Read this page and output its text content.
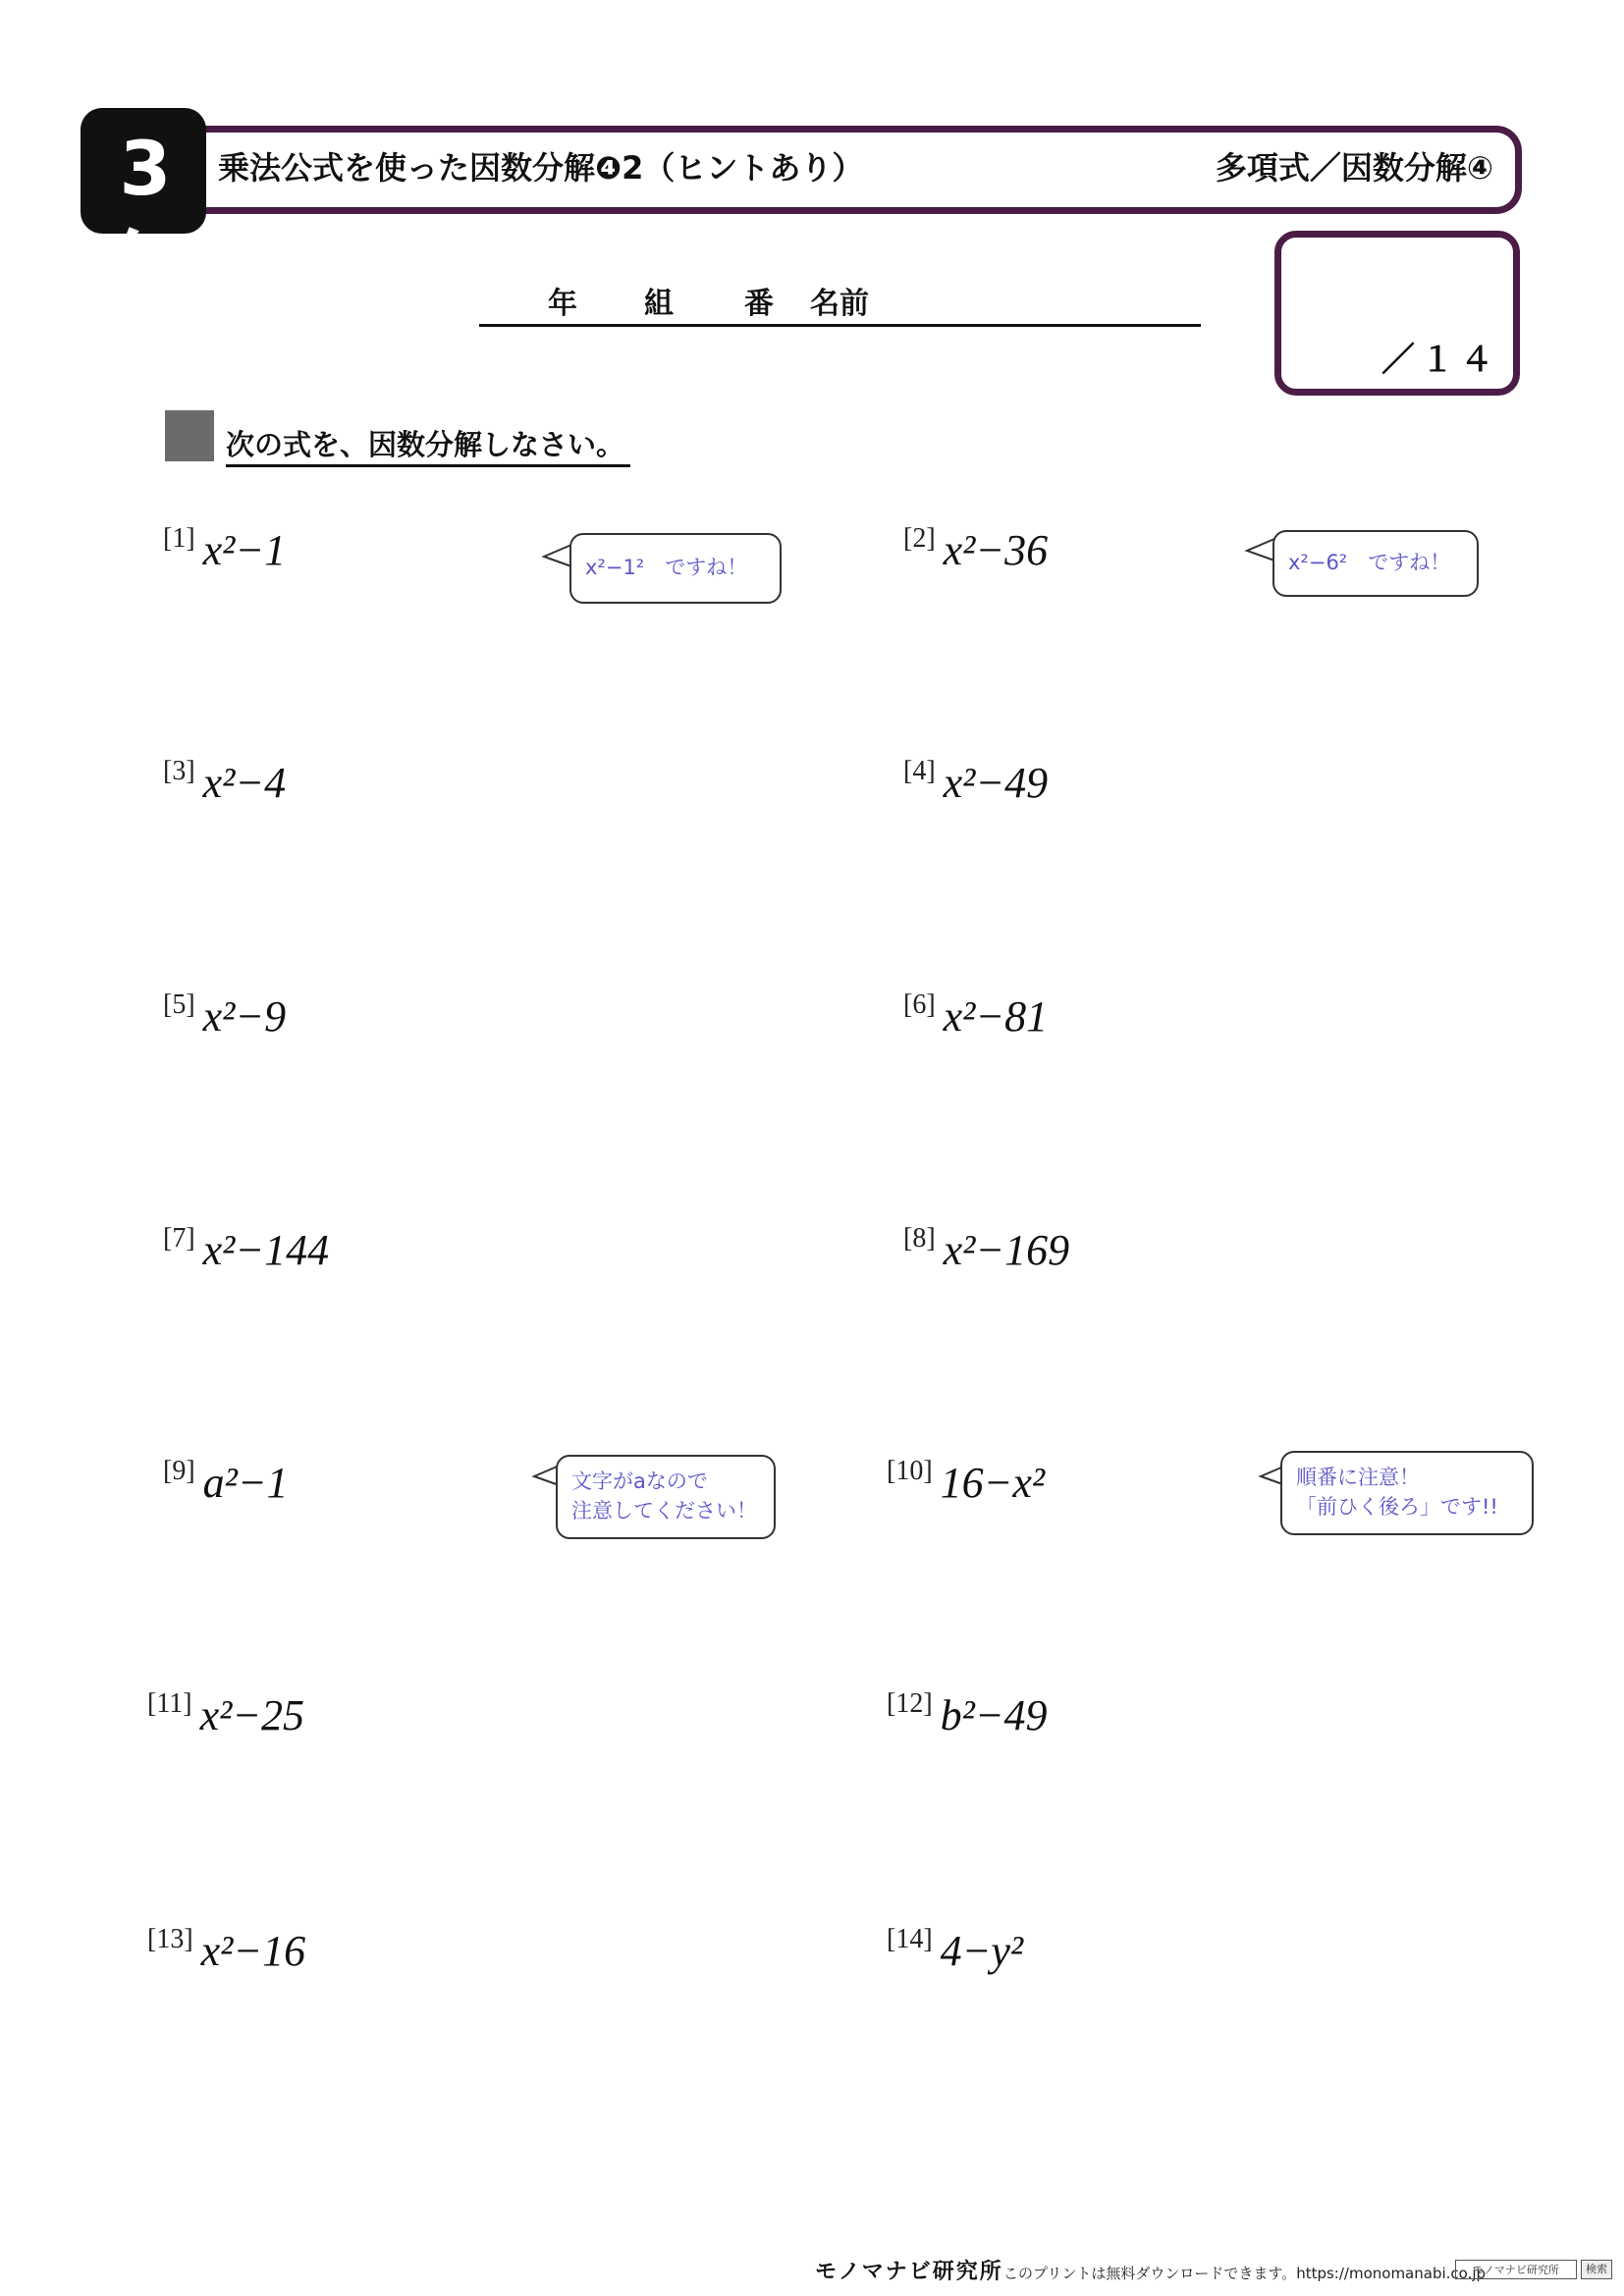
3年
乗法公式を使った因数分解❹2（ヒントあり）	多項式／因数分解④
年 組 番 名前
／１４
次の式を、因数分解しなさい。
[1] x²−1
[3] x²−4
[5] x²−9
[7] x²−144
[9] a²−1
[11] x²−25
[13] x²−16
[2] x²−36
[4] x²−49
[6] x²−81
[8] x²−169
[10] 16−x²
[12] b²−49
[14] 4−y²
x²−1²　ですね！	x²−6²　ですね！
文字がaなので
注意してください！
順番に注意！
「前ひく後ろ」です!!
モノマナビ研究所 このプリントは無料ダウンロードできます。https://monomanabi.co.jp
モノマナビ研究所	検索
